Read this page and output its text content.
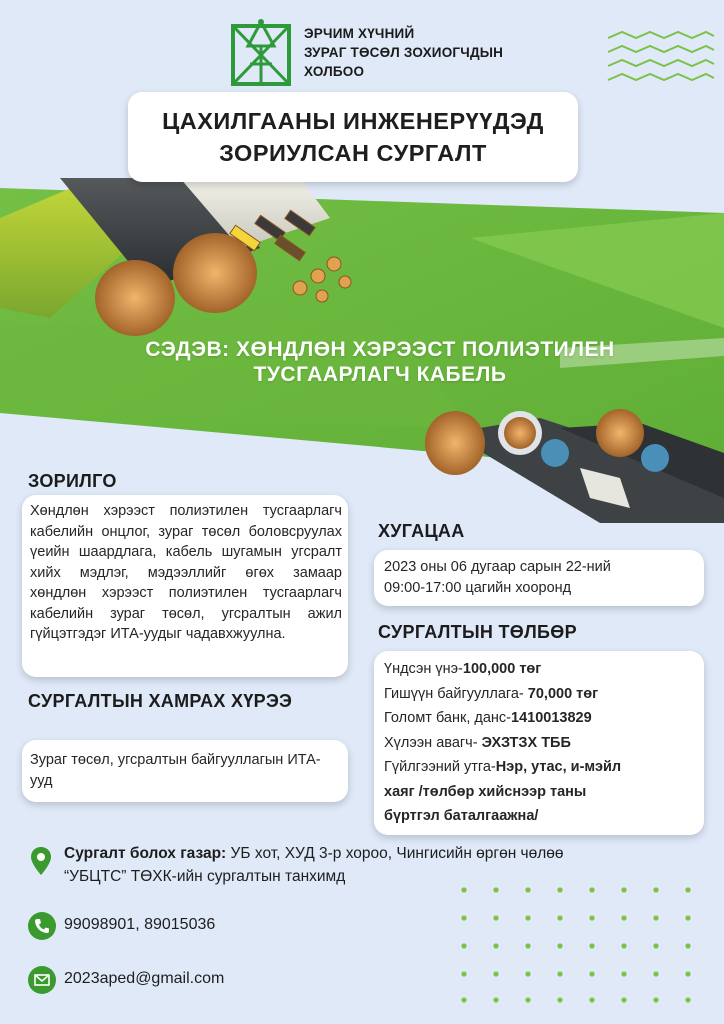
ЭРЧИМ ХҮЧНИЙ
ЗУРАГ ТӨСӨЛ ЗОХИОГЧДЫН
ХОЛБОО
ЦАХИЛГААНЫ ИНЖЕНЕРҮҮДЭД
ЗОРИУЛСАН СУРГАЛТ
СЭДЭВ: ХӨНДЛӨН ХЭРЭЭСТ ПОЛИЭТИЛЕН
ТУСГААРЛАГЧ КАБЕЛЬ
ЗОРИЛГО
Хөндлөн хэрээст полиэтилен тусгаарлагч кабелийн онцлог, зураг төсөл боловсруулах үеийн шаардлага, кабель шугамын угсралт хийх мэдлэг, мэдээллийг өгөх замаар хөндлөн хэрээст полиэтилен тусгаарлагч кабелийн зураг төсөл, угсралтын ажил гүйцэтгэдэг ИТА-уудыг чадавхжуулна.
СУРГАЛТЫН ХАМРАХ ХҮРЭЭ
Зураг төсөл, угсралтын байгууллагын ИТА-ууд
ХУГАЦАА
2023 оны 06 дугаар сарын 22-ний
09:00-17:00 цагийн хооронд
СУРГАЛТЫН ТӨЛБӨР
Үндсэн үнэ-100,000 төг
Гишүүн байгууллага- 70,000 төг
Голомт банк, данс-1410013829
Хүлээн авагч- ЭХЗТЗХ ТББ
Гүйлгээний утга-Нэр, утас, и-мэйл
хаяг /төлбөр хийснээр таны
бүртгэл баталгаажна/
Сургалт болох газар: УБ хот, ХУД 3-р хороо, Чингисийн өргөн чөлөө
“УБЦТС” ТӨХК-ийн сургалтын танхимд
99098901, 89015036
2023aped@gmail.com
